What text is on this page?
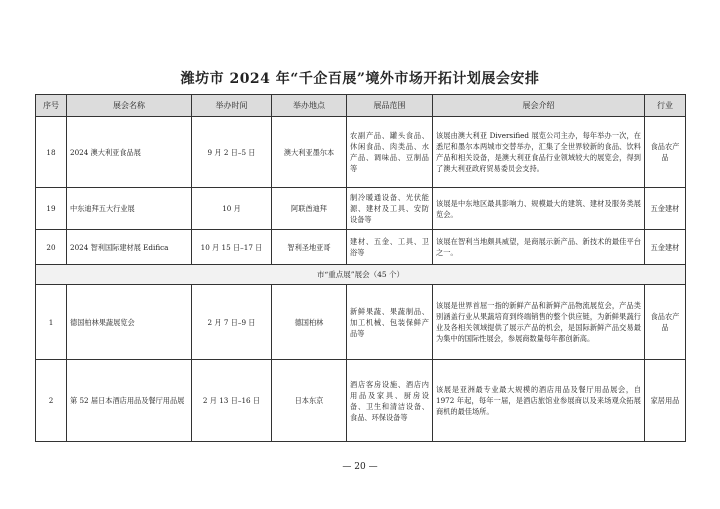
潍坊市 2024 年“千企百展”境外市场开拓计划展会安排
序号	展会名称	举办时间	举办地点	展品范围	展会介绍	行业
18	2024 澳大利亚食品展	9 月 2 日–5 日	澳大利亚墨尔本	农副产品、罐头食品、休闲食品、肉类品、水产品、调味品、豆制品等	该展由澳大利亚 Diversified 展览公司主办，每年举办一次，在悉尼和墨尔本两城市交替举办，汇集了全世界较新的食品、饮料产品和相关设备，是澳大利亚食品行业领域较大的展览会，得到了澳大利亚政府贸易委员会支持。	食品农产品
19	中东迪拜五大行业展	10 月	阿联酋迪拜	制冷暖通设备、光伏能源、建材及工具、安防设备等	该展是中东地区最具影响力、规模最大的建筑、建材及服务类展览会。	五金建材
20	2024 智利国际建材展 Edifica	10 月 15 日–17 日	智利圣地亚哥	建材、五金、工具、卫浴等	该展在智利当地颇具威望，是商展示新产品、新技术的最佳平台之一。	五金建材
市“重点展”展会（45 个）						
1	德国柏林果蔬展览会	2 月 7 日–9 日	德国柏林	新鲜果蔬、果蔬制品、加工机械、包装保鲜产品等	该展是世界首屈一指的新鲜产品和新鲜产品物流展览会，产品类别涵盖行业从果蔬培育到终端销售的整个供应链，为新鲜果蔬行业及各相关领域提供了展示产品的机会，是国际新鲜产品交易最为集中的国际性展会，参展商数量每年都创新高。	食品农产品
2	第 52 届日本酒店用品及餐厅用品展	2 月 13 日–16 日	日本东京	酒店客房设施、酒店内用品及家具、厨房设备、卫生和清洁设备、食品、环保设备等	该展是亚洲最专业最大规模的酒店用品及餐厅用品展会，自 1972 年起，每年一届，是酒店旅馆业参展商以及来场观众拓展商机的最佳场所。	家居用品
— 20 —
